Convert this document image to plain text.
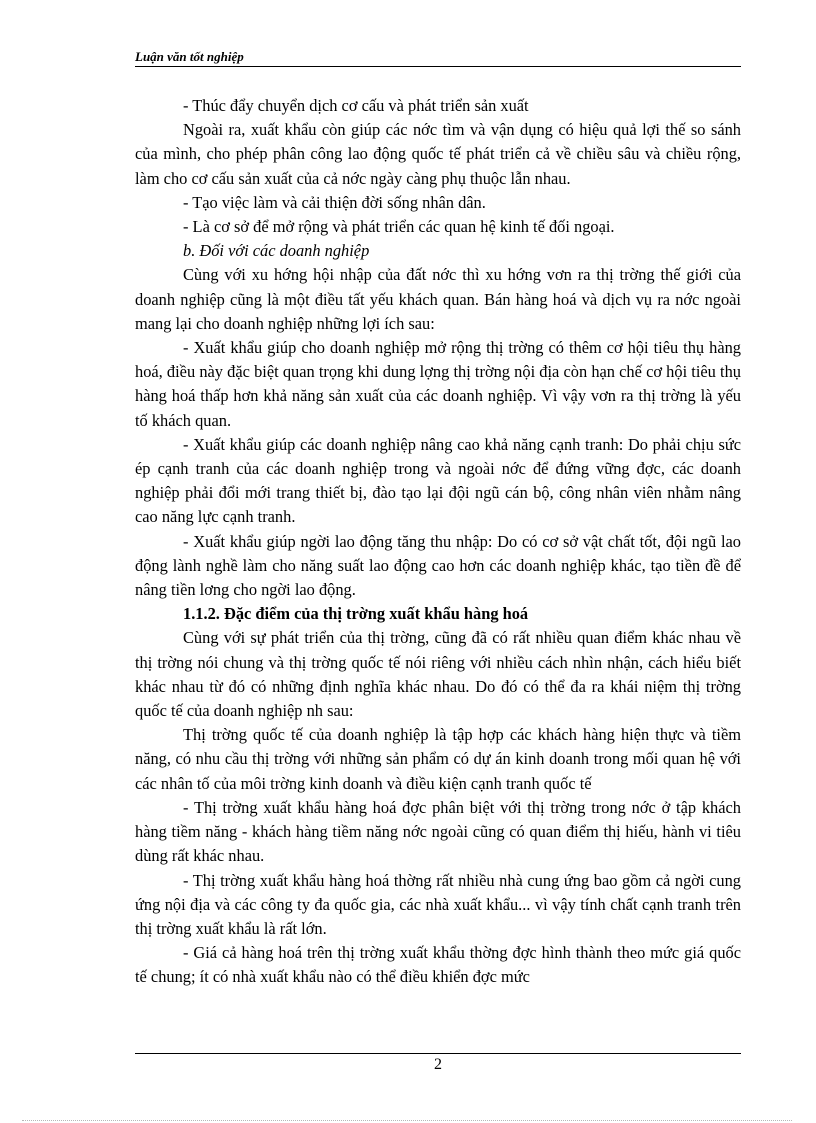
Luận văn tốt nghiệp

- Thúc đẩy chuyển dịch cơ cấu và phát triển sản xuất

Ngoài ra, xuất khẩu còn giúp các nớc tìm và vận dụng có hiệu quả lợi thế so sánh của mình, cho phép phân công lao động quốc tế phát triển cả về chiều sâu và chiều rộng, làm cho cơ cấu sản xuất của cả nớc ngày càng phụ thuộc lẫn nhau.

- Tạo việc làm và cải thiện đời sống nhân dân.

- Là cơ sở để mở rộng và phát triển các quan hệ kinh tế đối ngoại.

b. Đối với các doanh nghiệp

Cùng với xu hớng hội nhập của đất nớc thì xu hớng vơn ra thị trờng thế giới của doanh nghiệp cũng là một điều tất yếu khách quan. Bán hàng hoá và dịch vụ ra nớc ngoài mang lại cho doanh nghiệp những lợi ích sau:

- Xuất khẩu giúp cho doanh nghiệp mở rộng thị trờng có thêm cơ hội tiêu thụ hàng hoá, điều này đặc biệt quan trọng khi dung lợng thị trờng nội địa còn hạn chế cơ hội tiêu thụ hàng hoá thấp hơn khả năng sản xuất của các doanh nghiệp. Vì vậy vơn ra thị trờng là yếu tố khách quan.

- Xuất khẩu giúp các doanh nghiệp nâng cao khả năng cạnh tranh: Do phải chịu sức ép cạnh tranh của các doanh nghiệp trong và ngoài nớc để đứng vững đợc, các doanh nghiệp phải đổi mới trang thiết bị, đào tạo lại đội ngũ cán bộ, công nhân viên nhằm nâng cao năng lực cạnh tranh.

- Xuất khẩu giúp ngời lao động tăng thu nhập: Do có cơ sở vật chất tốt, đội ngũ lao động lành nghề làm cho năng suất lao động cao hơn các doanh nghiệp khác, tạo tiền đề để nâng tiền lơng cho ngời lao động.

1.1.2. Đặc điểm của thị trờng xuất khẩu hàng hoá

Cùng với sự phát triển của thị trờng, cũng đã có rất nhiều quan điểm khác nhau về thị trờng nói chung và thị trờng quốc tế nói riêng với nhiều cách nhìn nhận, cách hiểu biết khác nhau từ đó có những định nghĩa khác nhau. Do đó có thể đa ra khái niệm thị trờng quốc tế của doanh nghiệp nh sau:

Thị trờng quốc tế của doanh nghiệp là tập hợp các khách hàng hiện thực và tiềm năng, có nhu cầu thị trờng với những sản phẩm có dự án kinh doanh trong mối quan hệ với các nhân tố của môi trờng kinh doanh và điều kiện cạnh tranh quốc tế

- Thị trờng xuất khẩu hàng hoá đợc phân biệt với thị trờng trong nớc ở tập khách hàng tiềm năng - khách hàng tiềm năng nớc ngoài cũng có quan điểm thị hiếu, hành vi tiêu dùng rất khác nhau.

- Thị trờng xuất khẩu hàng hoá thờng rất nhiều nhà cung ứng bao gồm cả ngời cung ứng nội địa và các công ty đa quốc gia, các nhà xuất khẩu... vì vậy tính chất cạnh tranh trên thị trờng xuất khẩu là rất lớn.

- Giá cả hàng hoá trên thị trờng xuất khẩu thờng đợc hình thành theo mức giá quốc tế chung; ít có nhà xuất khẩu nào có thể điều khiển đợc mức

2
